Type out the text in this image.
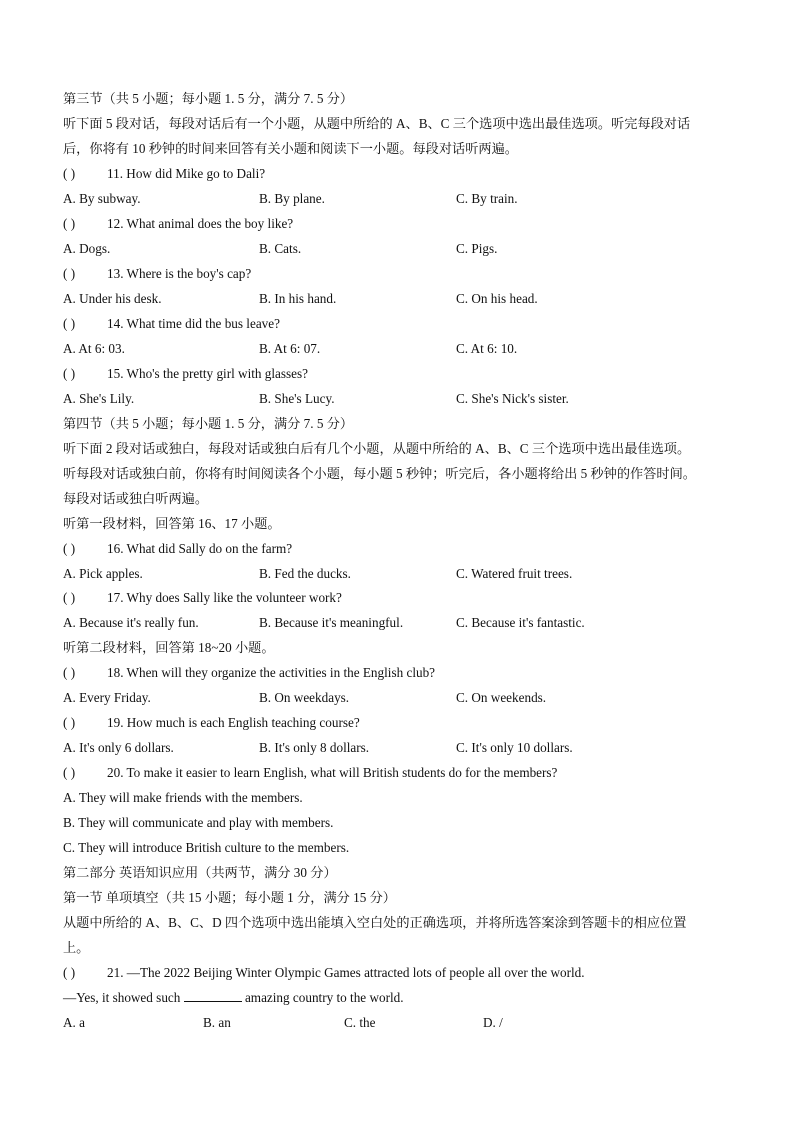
第三节（共 5 小题；每小题 1. 5 分，满分 7. 5 分）
听下面 5 段对话，每段对话后有一个小题，从题中所给的 A、B、C 三个选项中选出最佳选项。听完每段对话
后，你将有 10 秒钟的时间来回答有关小题和阅读下一小题。每段对话听两遍。
( ) 11. How did Mike go to Dali?
A. By subway.	B. By plane.	C. By train.
( ) 12. What animal does the boy like?
A. Dogs.	B. Cats.	C. Pigs.
( ) 13. Where is the boy's cap?
A. Under his desk.	B. In his hand.	C. On his head.
( ) 14. What time did the bus leave?
A. At 6: 03.	B. At 6: 07.	C. At 6: 10.
( ) 15. Who's the pretty girl with glasses?
A. She's Lily.	B. She's Lucy.	C. She's Nick's sister.
第四节（共 5 小题；每小题 1. 5 分，满分 7. 5 分）
听下面 2 段对话或独白，每段对话或独白后有几个小题，从题中所给的 A、B、C 三个选项中选出最佳选项。
听每段对话或独白前，你将有时间阅读各个小题，每小题 5 秒钟；听完后，各小题将给出 5 秒钟的作答时间。
每段对话或独白听两遍。
听第一段材料，回答第 16、17 小题。
( ) 16. What did Sally do on the farm?
A. Pick apples.	B. Fed the ducks.	C. Watered fruit trees.
( ) 17. Why does Sally like the volunteer work?
A. Because it's really fun.	B. Because it's meaningful.	C. Because it's fantastic.
听第二段材料，回答第 18~20 小题。
( ) 18. When will they organize the activities in the English club?
A. Every Friday.	B. On weekdays.	C. On weekends.
( ) 19. How much is each English teaching course?
A. It's only 6 dollars.	B. It's only 8 dollars.	C. It's only 10 dollars.
( ) 20. To make it easier to learn English, what will British students do for the members?
A. They will make friends with the members.
B. They will communicate and play with members.
C. They will introduce British culture to the members.
第二部分 英语知识应用（共两节，满分 30 分）
第一节 单项填空（共 15 小题；每小题 1 分，满分 15 分）
从题中所给的 A、B、C、D 四个选项中选出能填入空白处的正确选项，并将所选答案涂到答题卡的相应位置
上。
( ) 21. —The 2022 Beijing Winter Olympic Games attracted lots of people all over the world.
—Yes, it showed such	amazing country to the world.
A. a	B. an	C. the	D. /
